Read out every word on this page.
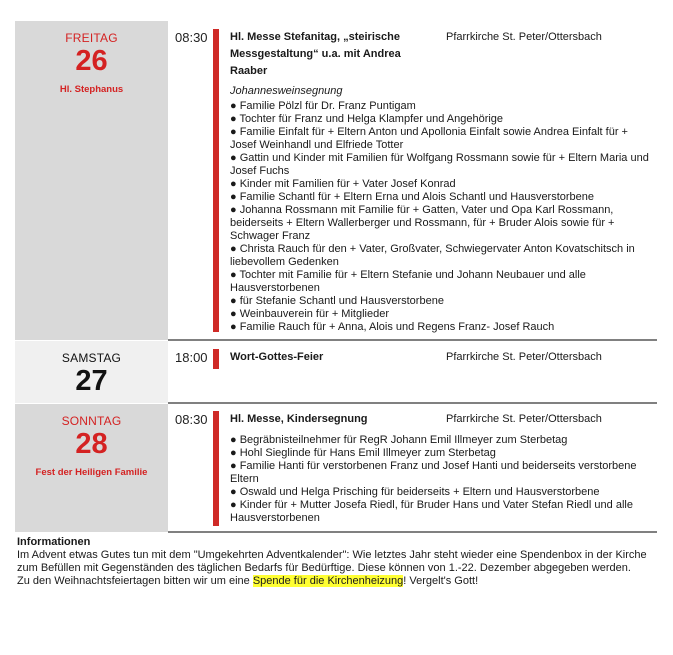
FREITAG
26
Hl. Stephanus
08:30	Pfarrkirche St. Peter/Ottersbach
Hl. Messe Stefanitag, „steirische Messgestaltung“ u.a. mit Andrea Raaber
Johannesweinsegnung
● Familie Pölzl für Dr. Franz Puntigam
● Tochter für Franz und Helga Klampfer und Angehörige
● Familie Einfalt für + Eltern Anton und Apollonia Einfalt sowie Andrea Einfalt für + Josef Weinhandl und Elfriede Totter
● Gattin und Kinder mit Familien für Wolfgang Rossmann sowie für + Eltern Maria und Josef Fuchs
● Kinder mit Familien für + Vater Josef Konrad
● Familie Schantl für + Eltern Erna und Alois Schantl und Hausverstorbene
● Johanna Rossmann mit Familie für + Gatten, Vater und Opa Karl Rossmann, beiderseits + Eltern Wallerberger und Rossmann, für + Bruder Alois sowie für + Schwager Franz
● Christa Rauch für den + Vater, Großvater, Schwiegervater Anton Kovatschitsch in liebevollem Gedenken
● Tochter mit Familie für + Eltern Stefanie und Johann Neubauer und alle Hausverstorbenen
● für Stefanie Schantl und Hausverstorbene
● Weinbauverein für + Mitglieder
● Familie Rauch für + Anna, Alois und Regens Franz- Josef Rauch
SAMSTAG
27
18:00	Pfarrkirche St. Peter/Ottersbach
Wort-Gottes-Feier
SONNTAG
28
Fest der Heiligen Familie
08:30	Pfarrkirche St. Peter/Ottersbach
Hl. Messe, Kindersegnung
● Begräbnisteilnehmer für RegR Johann Emil Illmeyer zum Sterbetag
● Hohl Sieglinde für Hans Emil Illmeyer zum Sterbetag
● Familie Hanti für verstorbenen Franz und Josef Hanti und beiderseits verstorbene Eltern
● Oswald und Helga Prisching für beiderseits + Eltern und Hausverstorbene
● Kinder für + Mutter Josefa Riedl, für Bruder Hans und Vater Stefan Riedl und alle Hausverstorbenen
Informationen
Im Advent etwas Gutes tun mit dem "Umgekehrten Adventkalender": Wie letztes Jahr steht wieder eine Spendenbox in der Kirche zum Befüllen mit Gegenständen des täglichen Bedarfs für Bedürftige. Diese können von 1.-22. Dezember abgegeben werden.
Zu den Weihnachtsfeiertagen bitten wir um eine Spende für die Kirchenheizung! Vergelt's Gott!
